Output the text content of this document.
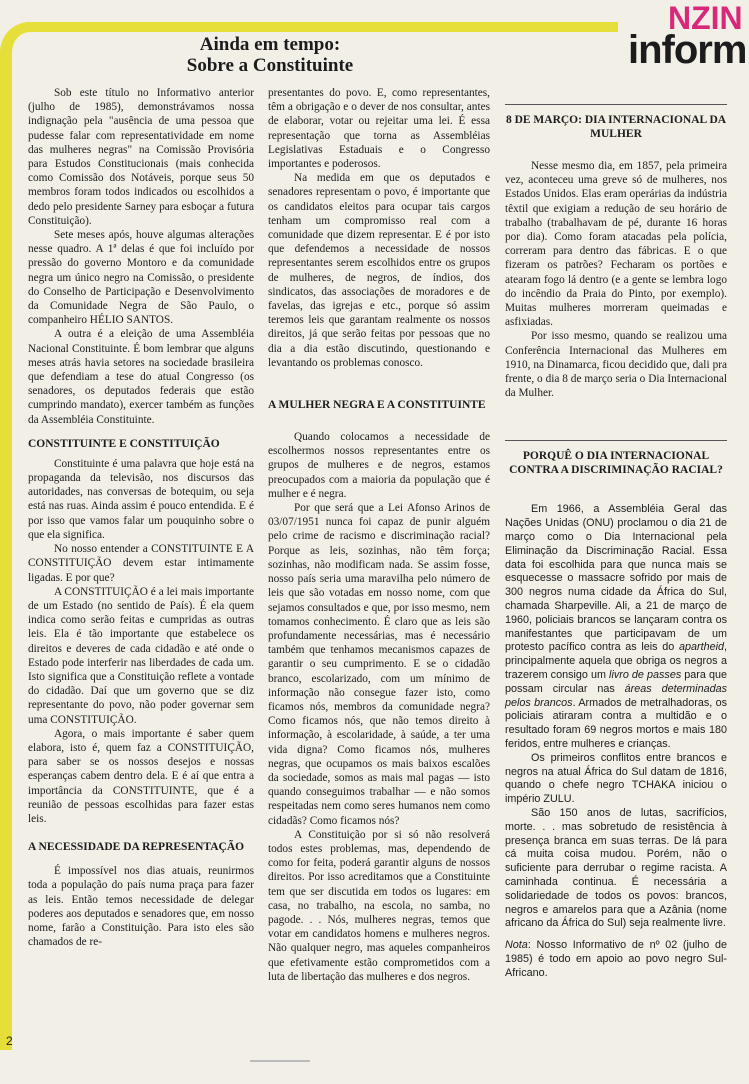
NZIN
inform
Ainda em tempo:
Sobre a Constituinte

Sob este título no Informativo anterior (julho de 1985), demonstrávamos nossa indignação pela "ausência de uma pessoa que pudesse falar com representatividade em nome das mulheres negras" na Comissão Provisória para Estudos Constitucionais (mais conhecida como Comissão dos Notáveis, porque seus 50 membros foram todos indicados ou escolhidos a dedo pelo presidente Sarney para esboçar a futura Constituição).

Sete meses após, houve algumas alterações nesse quadro. A 1ª delas é que foi incluído por pressão do governo Montoro e da comunidade negra um único negro na Comissão, o presidente do Conselho de Participação e Desenvolvimento da Comunidade Negra de São Paulo, o companheiro HÉLIO SANTOS.

A outra é a eleição de uma Assembléia Nacional Constituinte. É bom lembrar que alguns meses atrás havia setores na sociedade brasileira que defendiam a tese do atual Congresso (os senadores, os deputados federais que estão cumprindo mandato), exercer também as funções da Assembléia Constituinte.

CONSTITUINTE E CONSTITUIÇÃO

Constituinte é uma palavra que hoje está na propaganda da televisão, nos discursos das autoridades, nas conversas de botequim, ou seja está nas ruas. Ainda assim é pouco entendida. E é por isso que vamos falar um pouquinho sobre o que ela significa.

No nosso entender a CONSTITUINTE E A CONSTITUIÇÃO devem estar intimamente ligadas. E por que?

A CONSTITUIÇÃO é a lei mais importante de um Estado (no sentido de País). É ela quem indica como serão feitas e cumpridas as outras leis. Ela é tão importante que estabelece os direitos e deveres de cada cidadão e até onde o Estado pode interferir nas liberdades de cada um. Isto significa que a Constituição reflete a vontade do cidadão. Daí que um governo que se diz representante do povo, não poder governar sem uma CONSTITUIÇÃO.

Agora, o mais importante é saber quem elabora, isto é, quem faz a CONSTITUIÇÃO, para saber se os nossos desejos e nossas esperanças cabem dentro dela. E é aí que entra a importância da CONSTITUINTE, que é a reunião de pessoas escolhidas para fazer estas leis.

A NECESSIDADE DA REPRESENTAÇÃO

É impossível nos dias atuais, reunirmos toda a população do país numa praça para fazer as leis. Então temos necessidade de delegar poderes aos deputados e senadores que, em nosso nome, farão a Constituição. Para isto eles são chamados de re-

presentantes do povo. E, como representantes, têm a obrigação e o dever de nos consultar, antes de elaborar, votar ou rejeitar uma lei. É essa representação que torna as Assembléias Legislativas Estaduais e o Congresso importantes e poderosos.

Na medida em que os deputados e senadores representam o povo, é importante que os candidatos eleitos para ocupar tais cargos tenham um compromisso real com a comunidade que dizem representar. E é por isto que defendemos a necessidade de nossos representantes serem escolhidos entre os grupos de mulheres, de negros, de índios, dos sindicatos, das associações de moradores e de favelas, das igrejas e etc., porque só assim teremos leis que garantam realmente os nossos direitos, já que serão feitas por pessoas que no dia a dia estão discutindo, questionando e levantando os problemas conosco.

A MULHER NEGRA E A CONSTITUINTE

Quando colocamos a necessidade de escolhermos nossos representantes entre os grupos de mulheres e de negros, estamos preocupados com a maioria da população que é mulher e é negra.

Por que será que a Lei Afonso Arinos de 03/07/1951 nunca foi capaz de punir alguém pelo crime de racismo e discriminação racial? Porque as leis, sozinhas, não têm força; sozinhas, não modificam nada. Se assim fosse, nosso país seria uma maravilha pelo número de leis que são votadas em nosso nome, com que sejamos consultados e que, por isso mesmo, nem tomamos conhecimento. É claro que as leis são profundamente necessárias, mas é necessário também que tenhamos mecanismos capazes de garantir o seu cumprimento. E se o cidadão branco, escolarizado, com um mínimo de informação não consegue fazer isto, como ficamos nós, membros da comunidade negra? Como ficamos nós, que não temos direito à informação, à escolaridade, à saúde, a ter uma vida digna? Como ficamos nós, mulheres negras, que ocupamos os mais baixos escalões da sociedade, somos as mais mal pagas — isto quando conseguimos trabalhar — e não somos respeitadas nem como seres humanos nem como cidadãs? Como ficamos nós?

A Constituição por si só não resolverá todos estes problemas, mas, dependendo de como for feita, poderá garantir alguns de nossos direitos. Por isso acreditamos que a Constituinte tem que ser discutida em todos os lugares: em casa, no trabalho, na escola, no samba, no pagode. . . Nós, mulheres negras, temos que votar em candidatos homens e mulheres negros. Não qualquer negro, mas aqueles companheiros que efetivamente estão comprometidos com a luta de libertação das mulheres e dos negros.

8 DE MARÇO: DIA INTERNACIONAL DA MULHER

Nesse mesmo dia, em 1857, pela primeira vez, aconteceu uma greve só de mulheres, nos Estados Unidos. Elas eram operárias da indústria têxtil que exigiam a redução de seu horário de trabalho (trabalhavam de pé, durante 16 horas por dia). Como foram atacadas pela polícia, correram para dentro das fábricas. E o que fizeram os patrões? Fecharam os portões e atearam fogo lá dentro (e a gente se lembra logo do incêndio da Praia do Pinto, por exemplo). Muitas mulheres morreram queimadas e asfixiadas.

Por isso mesmo, quando se realizou uma Conferência Internacional das Mulheres em 1910, na Dinamarca, ficou decidido que, dali pra frente, o dia 8 de março seria o Dia Internacional da Mulher.

PORQUÊ O DIA INTERNACIONAL CONTRA A DISCRIMINAÇÃO RACIAL?

Em 1966, a Assembléia Geral das Nações Unidas (ONU) proclamou o dia 21 de março como o Dia Internacional pela Eliminação da Discriminação Racial. Essa data foi escolhida para que nunca mais se esquecesse o massacre sofrido por mais de 300 negros numa cidade da África do Sul, chamada Sharpeville. Ali, a 21 de março de 1960, policiais brancos se lançaram contra os manifestantes que participavam de um protesto pacífico contra as leis do apartheid, principalmente aquela que obriga os negros a trazerem consigo um livro de passes para que possam circular nas áreas determinadas pelos brancos. Armados de metralhadoras, os policiais atiraram contra a multidão e o resultado foram 69 negros mortos e mais 180 feridos, entre mulheres e crianças.

Os primeiros conflitos entre brancos e negros na atual África do Sul datam de 1816, quando o chefe negro TCHAKA iniciou o império ZULU.

São 150 anos de lutas, sacrifícios, morte. . . mas sobretudo de resistência à presença branca em suas terras. De lá para cá muita coisa mudou. Porém, não o suficiente para derrubar o regime racista. A caminhada continua. É necessária a solidariedade de todos os povos: brancos, negros e amarelos para que a Azânia (nome africano da África do Sul) seja realmente livre.

Nota: Nosso Informativo de nº 02 (julho de 1985) é todo em apoio ao povo negro Sul-Africano.

2
